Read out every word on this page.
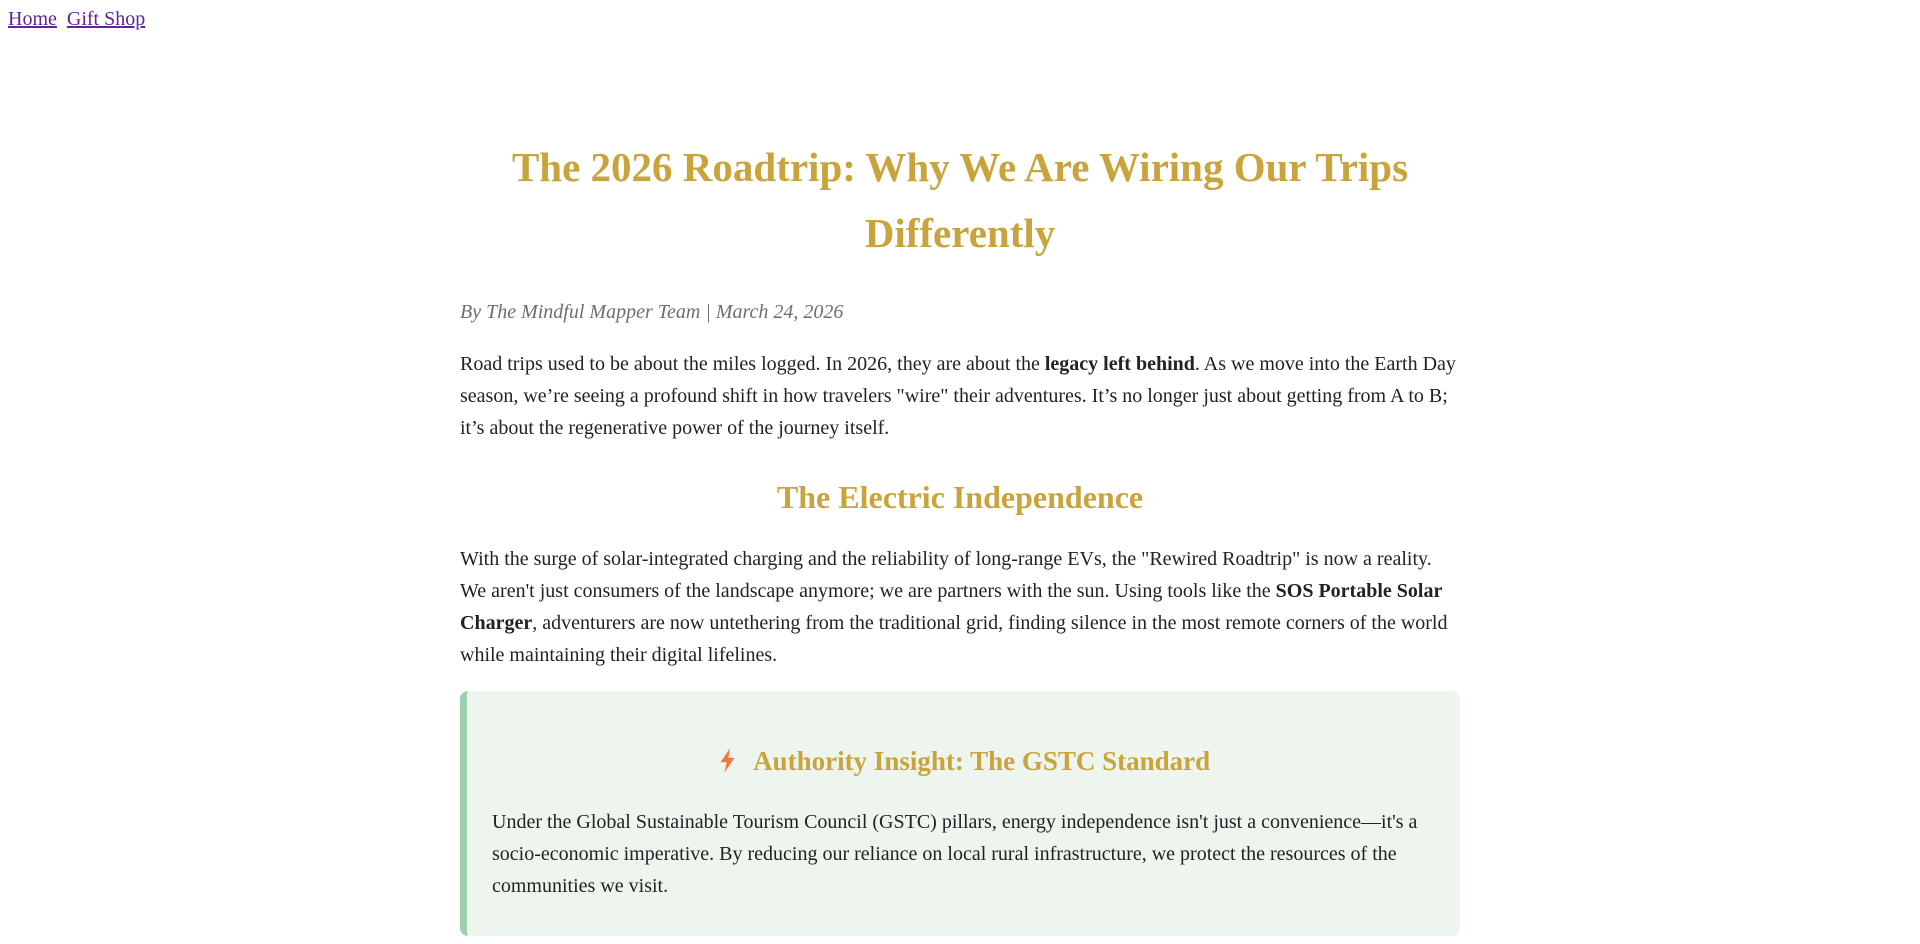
Home Gift Shop
The 2026 Roadtrip: Why We Are Wiring Our Trips Differently

By The Mindful Mapper Team | March 24, 2026

Road trips used to be about the miles logged. In 2026, they are about the legacy left behind. As we move into the Earth Day season, we’re seeing a profound shift in how travelers "wire" their adventures. It’s no longer just about getting from A to B; it’s about the regenerative power of the journey itself.

The Electric Independence

With the surge of solar-integrated charging and the reliability of long-range EVs, the "Rewired Roadtrip" is now a reality. We aren't just consumers of the landscape anymore; we are partners with the sun. Using tools like the SOS Portable Solar Charger, adventurers are now untethering from the traditional grid, finding silence in the most remote corners of the world while maintaining their digital lifelines.

Authority Insight: The GSTC Standard

Under the Global Sustainable Tourism Council (GSTC) pillars, energy independence isn't just a convenience—it's a socio-economic imperative. By reducing our reliance on local rural infrastructure, we protect the resources of the communities we visit.
